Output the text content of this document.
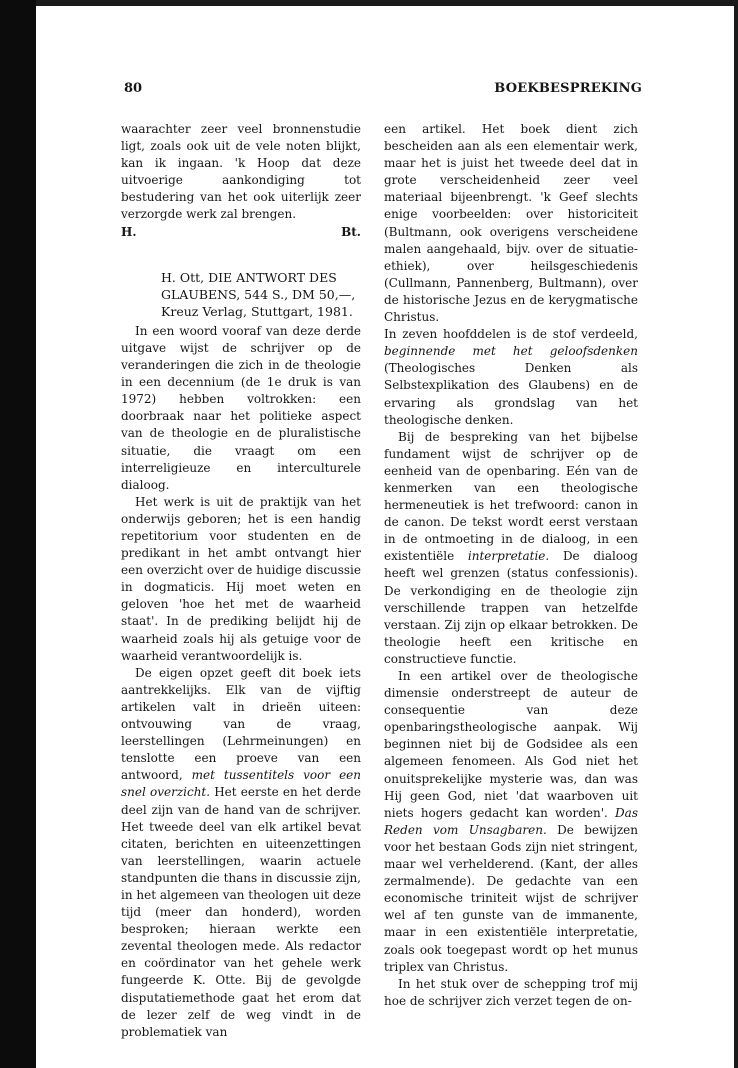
80	BOEKBESPREKING

waarachter zeer veel bronnenstudie ligt, zoals ook uit de vele noten blijkt, kan ik ingaan. 'k Hoop dat deze uitvoerige aankondiging tot bestudering van het ook uiterlijk zeer verzorgde werk zal brengen.

H.	Bt.

H. Ott, DIE ANTWORT DES GLAUBENS, 544 S., DM 50,—, Kreuz Verlag, Stuttgart, 1981.

In een woord vooraf van deze derde uitgave wijst de schrijver op de veranderingen die zich in de theologie in een decennium (de 1e druk is van 1972) hebben voltrokken: een doorbraak naar het politieke aspect van de theologie en de pluralistische situatie, die vraagt om een interreligieuze en interculturele dialoog.

Het werk is uit de praktijk van het onderwijs geboren; het is een handig repetitorium voor studenten en de predikant in het ambt ontvangt hier een overzicht over de huidige discussie in dogmaticis. Hij moet weten en geloven 'hoe het met de waarheid staat'. In de prediking belijdt hij de waarheid zoals hij als getuige voor de waarheid verantwoordelijk is.

De eigen opzet geeft dit boek iets aantrekkelijks. Elk van de vijftig artikelen valt in drieën uiteen: ontvouwing van de vraag, leerstellingen (Lehrmeinungen) en tenslotte een proeve van een antwoord, met tussentitels voor een snel overzicht. Het eerste en het derde deel zijn van de hand van de schrijver. Het tweede deel van elk artikel bevat citaten, berichten en uiteenzettingen van leerstellingen, waarin actuele standpunten die thans in discussie zijn, in het algemeen van theologen uit deze tijd (meer dan honderd), worden besproken; hieraan werkte een zevental theologen mede. Als redactor en coördinator van het gehele werk fungeerde K. Otte. Bij de gevolgde disputatiemethode gaat het erom dat de lezer zelf de weg vindt in de problematiek van

een artikel. Het boek dient zich bescheiden aan als een elementair werk, maar het is juist het tweede deel dat in grote verscheidenheid zeer veel materiaal bijeenbrengt. 'k Geef slechts enige voorbeelden: over historiciteit (Bultmann, ook overigens verscheidene malen aangehaald, bijv. over de situatie-ethiek), over heilsgeschiedenis (Cullmann, Pannenberg, Bultmann), over de historische Jezus en de kerygmatische Christus.

In zeven hoofddelen is de stof verdeeld, beginnende met het geloofsdenken (Theologisches Denken als Selbstexplikation des Glaubens) en de ervaring als grondslag van het theologische denken.

Bij de bespreking van het bijbelse fundament wijst de schrijver op de eenheid van de openbaring. Eén van de kenmerken van een theologische hermeneutiek is het trefwoord: canon in de canon. De tekst wordt eerst verstaan in de ontmoeting in de dialoog, in een existentiële interpretatie. De dialoog heeft wel grenzen (status confessionis). De verkondiging en de theologie zijn verschillende trappen van hetzelfde verstaan. Zij zijn op elkaar betrokken. De theologie heeft een kritische en constructieve functie.

In een artikel over de theologische dimensie onderstreept de auteur de consequentie van deze openbaringstheologische aanpak. Wij beginnen niet bij de Godsidee als een algemeen fenomeen. Als God niet het onuitsprekelijke mysterie was, dan was Hij geen God, niet 'dat waarboven uit niets hogers gedacht kan worden'. Das Reden vom Unsagbaren. De bewijzen voor het bestaan Gods zijn niet stringent, maar wel verhelderend. (Kant, der alles zermalmende). De gedachte van een economische triniteit wijst de schrijver wel af ten gunste van de immanente, maar in een existentiële interpretatie, zoals ook toegepast wordt op het munus triplex van Christus.

In het stuk over de schepping trof mij hoe de schrijver zich verzet tegen de on-
